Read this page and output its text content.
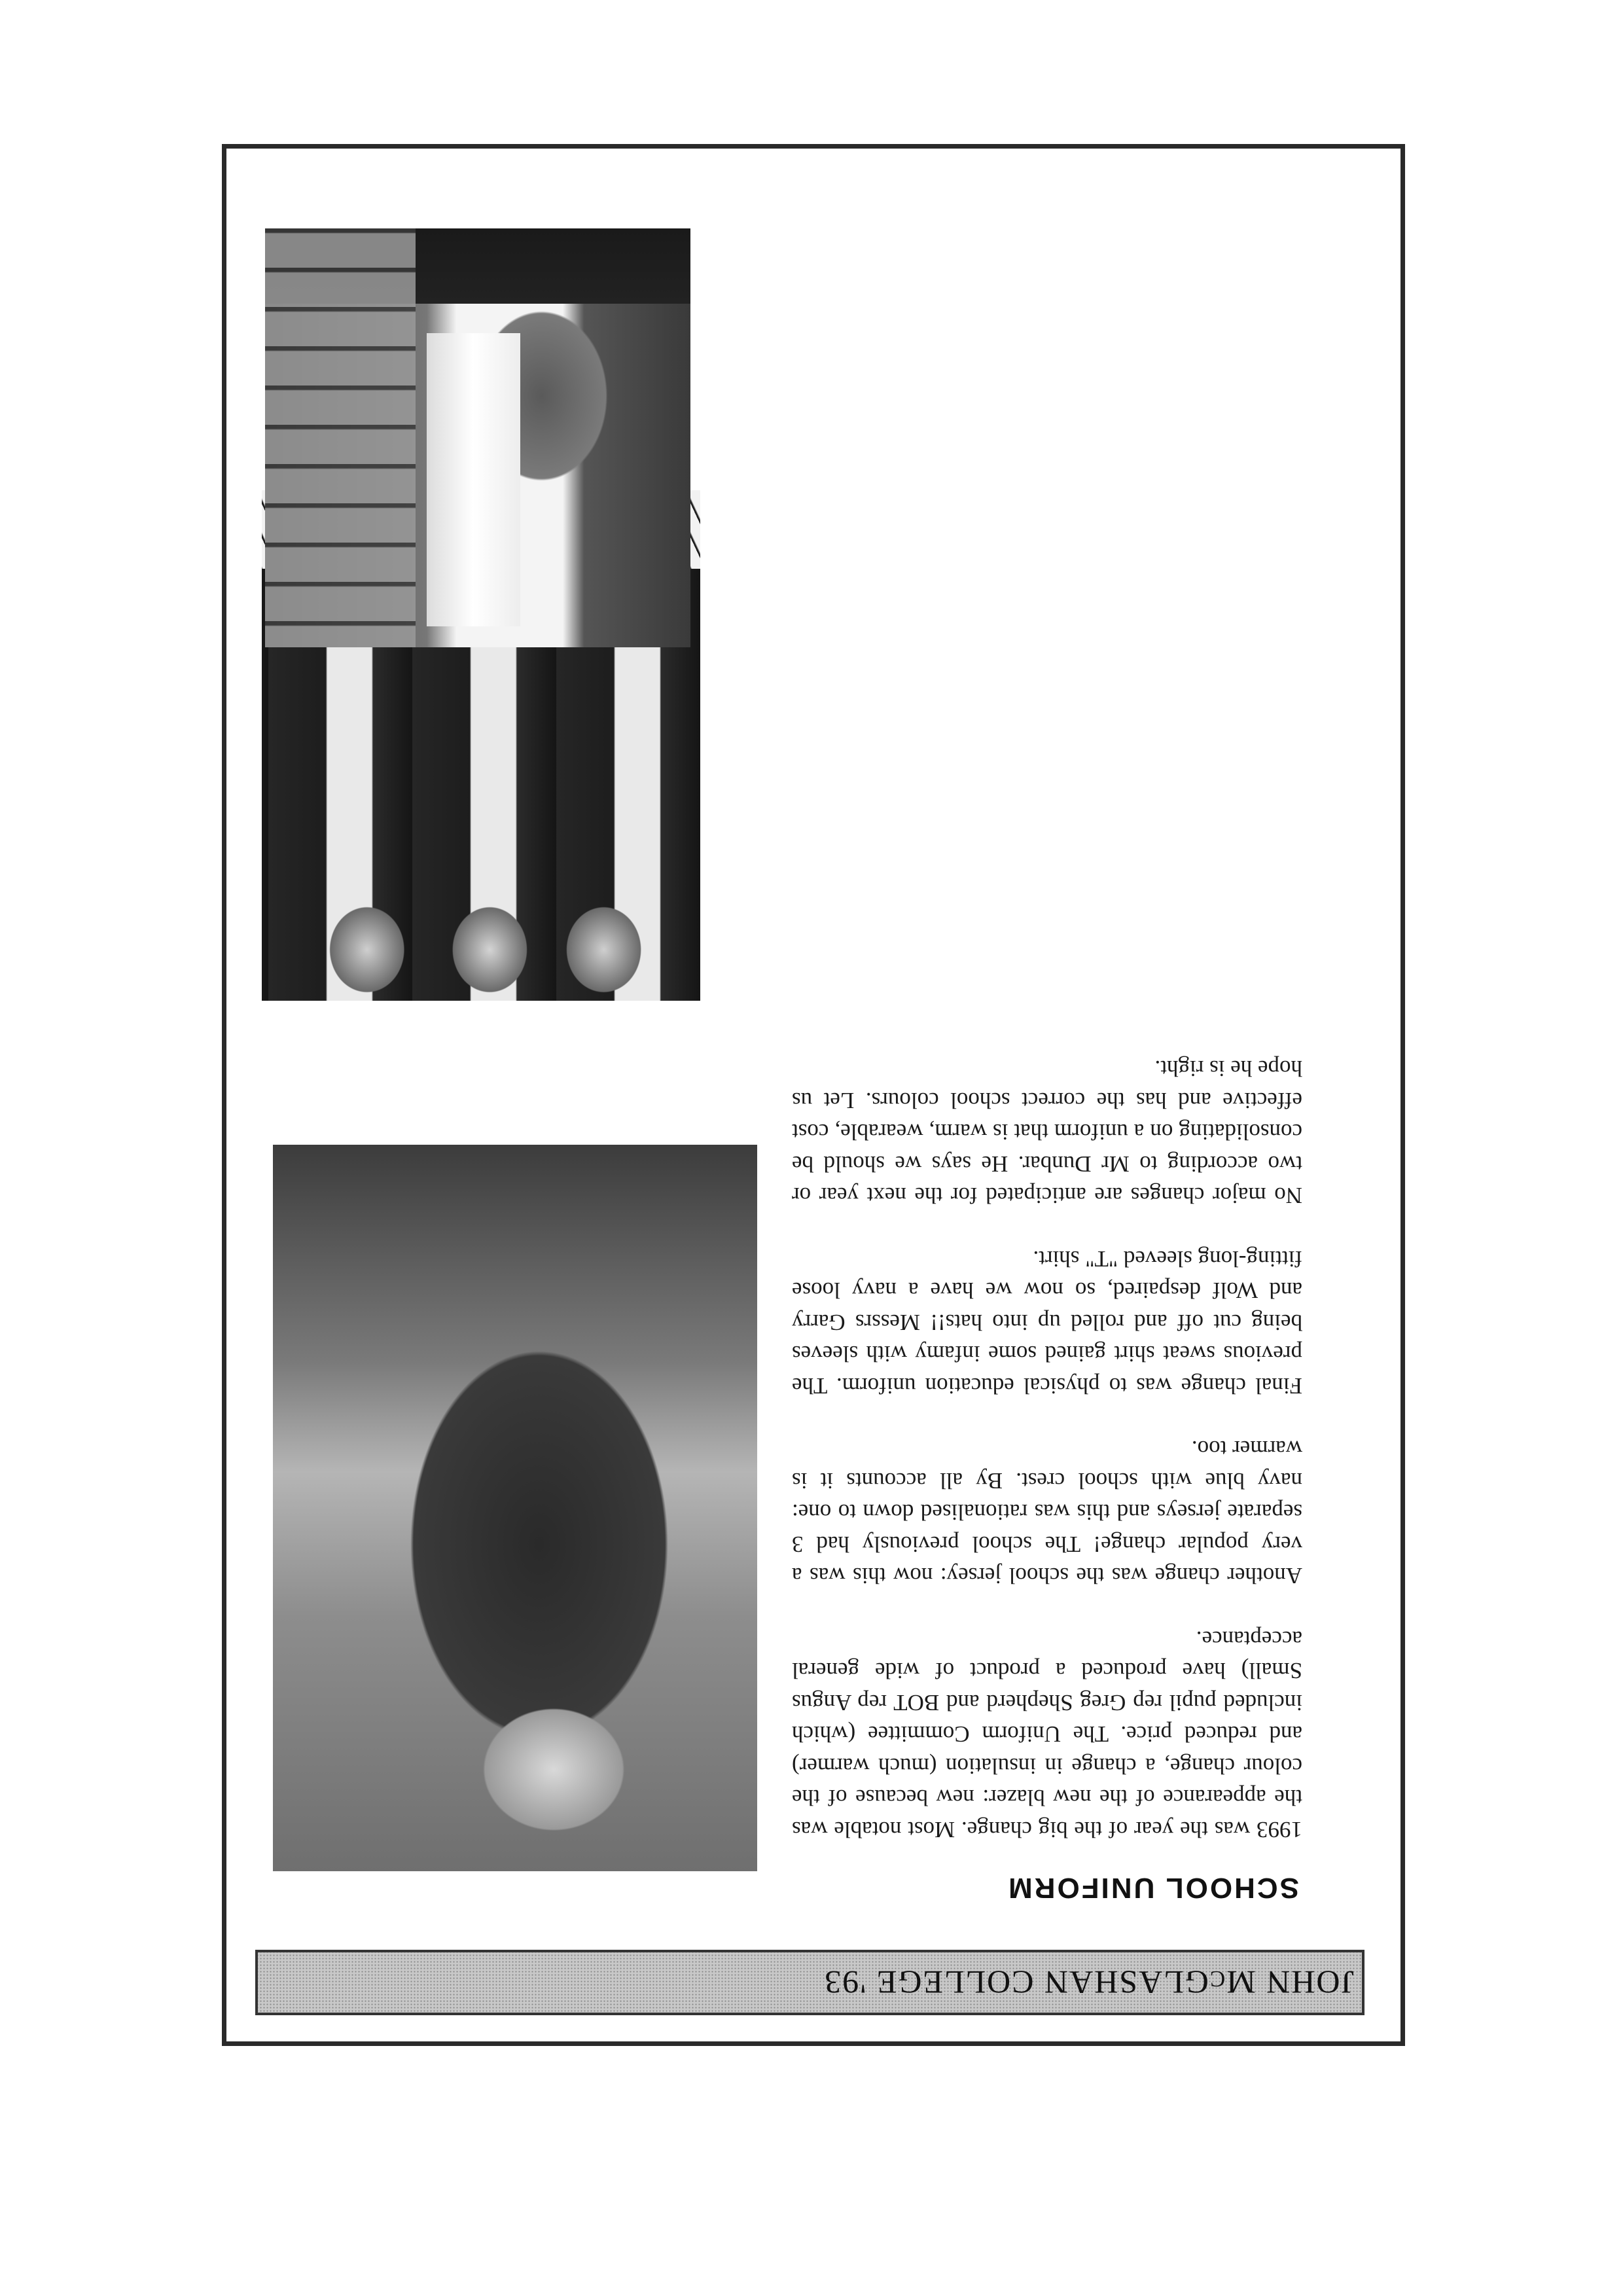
JOHN McGLASHAN COLLEGE '93
SCHOOL UNIFORM

1993 was the year of the big change. Most notable was the appearance of the new blazer: new because of the colour change, a change in insulation (much warmer) and reduced price. The Uniform Committee (which included pupil rep Greg Shepherd and BOT rep Angus Small) have produced a product of wide general acceptance.

Another change was the school jersey: now this was a very popular change! The school previously had 3 separate jerseys and this was rationalised down to one: navy blue with school crest. By all accounts it is warmer too.

Final change was to physical education uniform. The previous sweat shirt gained some infamy with sleeves being cut off and rolled up into hats!! Messrs Garry and Wolf despaired, so now we have a navy loose fitting-long sleeved "T" shirt.

No major changes are anticipated for the next year or two according to Mr Dunbar. He says we should be consolidating on a uniform that is warm, wearable, cost effective and has the correct school colours. Let us hope he is right.
